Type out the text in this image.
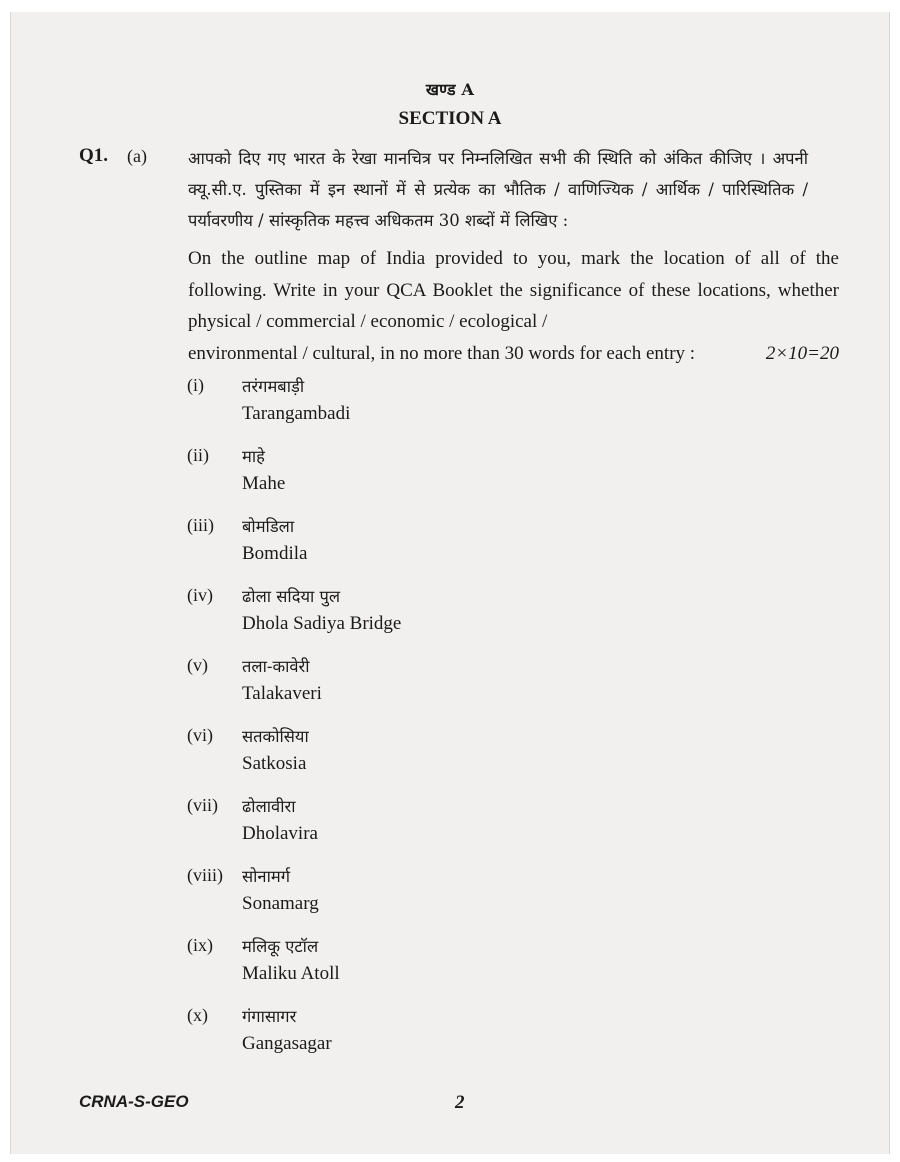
खण्ड A
SECTION A
Q1. (a) आपको दिए गए भारत के रेखा मानचित्र पर निम्नलिखित सभी की स्थिति को अंकित कीजिए । अपनी क्यू.सी.ए. पुस्तिका में इन स्थानों में से प्रत्येक का भौतिक / वाणिज्यिक / आर्थिक / पारिस्थितिक / पर्यावरणीय / सांस्कृतिक महत्त्व अधिकतम 30 शब्दों में लिखिए :
On the outline map of India provided to you, mark the location of all of the following. Write in your QCA Booklet the significance of these locations, whether physical / commercial / economic / ecological /
environmental / cultural, in no more than 30 words for each entry :	2×10=20
(i) तरंगमबाड़ी
Tarangambadi
(ii) माहे
Mahe
(iii) बोमडिला
Bomdila
(iv) ढोला सदिया पुल
Dhola Sadiya Bridge
(v) तला-कावेरी
Talakaveri
(vi) सतकोसिया
Satkosia
(vii) ढोलावीरा
Dholavira
(viii) सोनामर्ग
Sonamarg
(ix) मलिकू एटॉल
Maliku Atoll
(x) गंगासागर
Gangasagar
CRNA-S-GEO	2
